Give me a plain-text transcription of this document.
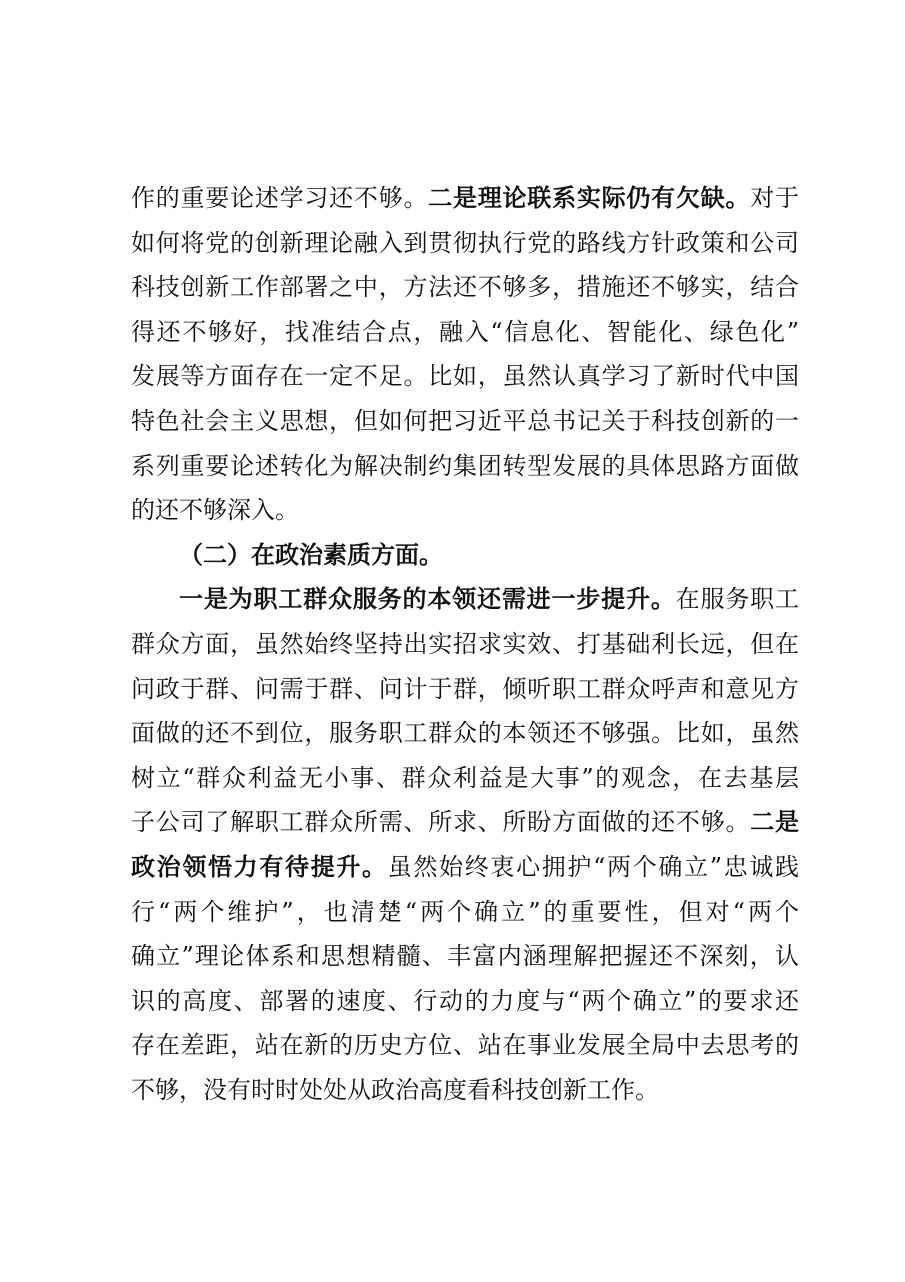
作的重要论述学习还不够。二是理论联系实际仍有欠缺。对于
如何将党的创新理论融入到贯彻执行党的路线方针政策和公司
科技创新工作部署之中，方法还不够多，措施还不够实，结合
得还不够好，找准结合点，融入“信息化、智能化、绿色化”
发展等方面存在一定不足。比如，虽然认真学习了新时代中国
特色社会主义思想，但如何把习近平总书记关于科技创新的一
系列重要论述转化为解决制约集团转型发展的具体思路方面做
的还不够深入。
（二）在政治素质方面。
一是为职工群众服务的本领还需进一步提升。在服务职工
群众方面，虽然始终坚持出实招求实效、打基础利长远，但在
问政于群、问需于群、问计于群，倾听职工群众呼声和意见方
面做的还不到位，服务职工群众的本领还不够强。比如，虽然
树立“群众利益无小事、群众利益是大事”的观念，在去基层
子公司了解职工群众所需、所求、所盼方面做的还不够。二是
政治领悟力有待提升。虽然始终衷心拥护“两个确立”忠诚践
行“两个维护”，也清楚“两个确立”的重要性，但对“两个
确立”理论体系和思想精髓、丰富内涵理解把握还不深刻，认
识的高度、部署的速度、行动的力度与“两个确立”的要求还
存在差距，站在新的历史方位、站在事业发展全局中去思考的
不够，没有时时处处从政治高度看科技创新工作。
